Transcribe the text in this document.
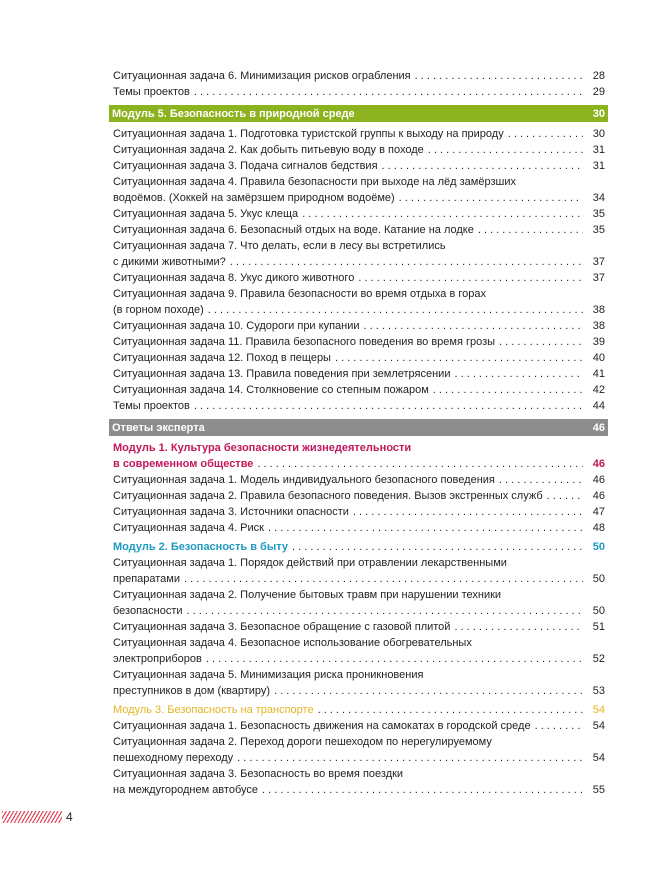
Ситуационная задача 6. Минимизация рисков ограбления . . .	28
Темы проектов . . .	29
Модуль 5. Безопасность в природной среде	30
Ситуационная задача 1. Подготовка туристской группы к выходу на природу . . .	30
Ситуационная задача 2. Как добыть питьевую воду в походе . . .	31
Ситуационная задача 3. Подача сигналов бедствия . . .	31
Ситуационная задача 4. Правила безопасности при выходе на лёд замёрзших
водоёмов. (Хоккей на замёрзшем природном водоёме) . . .	34
Ситуационная задача 5. Укус клеща . . .	35
Ситуационная задача 6. Безопасный отдых на воде. Катание на лодке . . .	35
Ситуационная задача 7. Что делать, если в лесу вы встретились
с дикими животными? . . .	37
Ситуационная задача 8. Укус дикого животного . . .	37
Ситуационная задача 9. Правила безопасности во время отдыха в горах
(в горном походе) . . .	38
Ситуационная задача 10. Судороги при купании . . .	38
Ситуационная задача 11. Правила безопасного поведения во время грозы . . .	39
Ситуационная задача 12. Поход в пещеры . . .	40
Ситуационная задача 13. Правила поведения при землетрясении . . .	41
Ситуационная задача 14. Столкновение со степным пожаром . . .	42
Темы проектов . . .	44
Ответы эксперта	46
Модуль 1. Культура безопасности жизнедеятельности
в современном обществе . . .	46
Ситуационная задача 1. Модель индивидуального безопасного поведения . . .	46
Ситуационная задача 2. Правила безопасного поведения. Вызов экстренных служб . . .	46
Ситуационная задача 3. Источники опасности . . .	47
Ситуационная задача 4. Риск . . .	48
Модуль 2. Безопасность в быту . . .	50
Ситуационная задача 1. Порядок действий при отравлении лекарственными
препаратами . . .	50
Ситуационная задача 2. Получение бытовых травм при нарушении техники
безопасности . . .	50
Ситуационная задача 3. Безопасное обращение с газовой плитой . . .	51
Ситуационная задача 4. Безопасное использование обогревательных
электроприборов . . .	52
Ситуационная задача 5. Минимизация риска проникновения
преступников в дом (квартиру) . . .	53
Модуль 3. Безопасность на транспорте . . .	54
Ситуационная задача 1. Безопасность движения на самокатах в городской среде . . .	54
Ситуационная задача 2. Переход дороги пешеходом по нерегулируемому
пешеходному переходу . . .	54
Ситуационная задача 3. Безопасность во время поездки
на междугороднем автобусе . . .	55
4
